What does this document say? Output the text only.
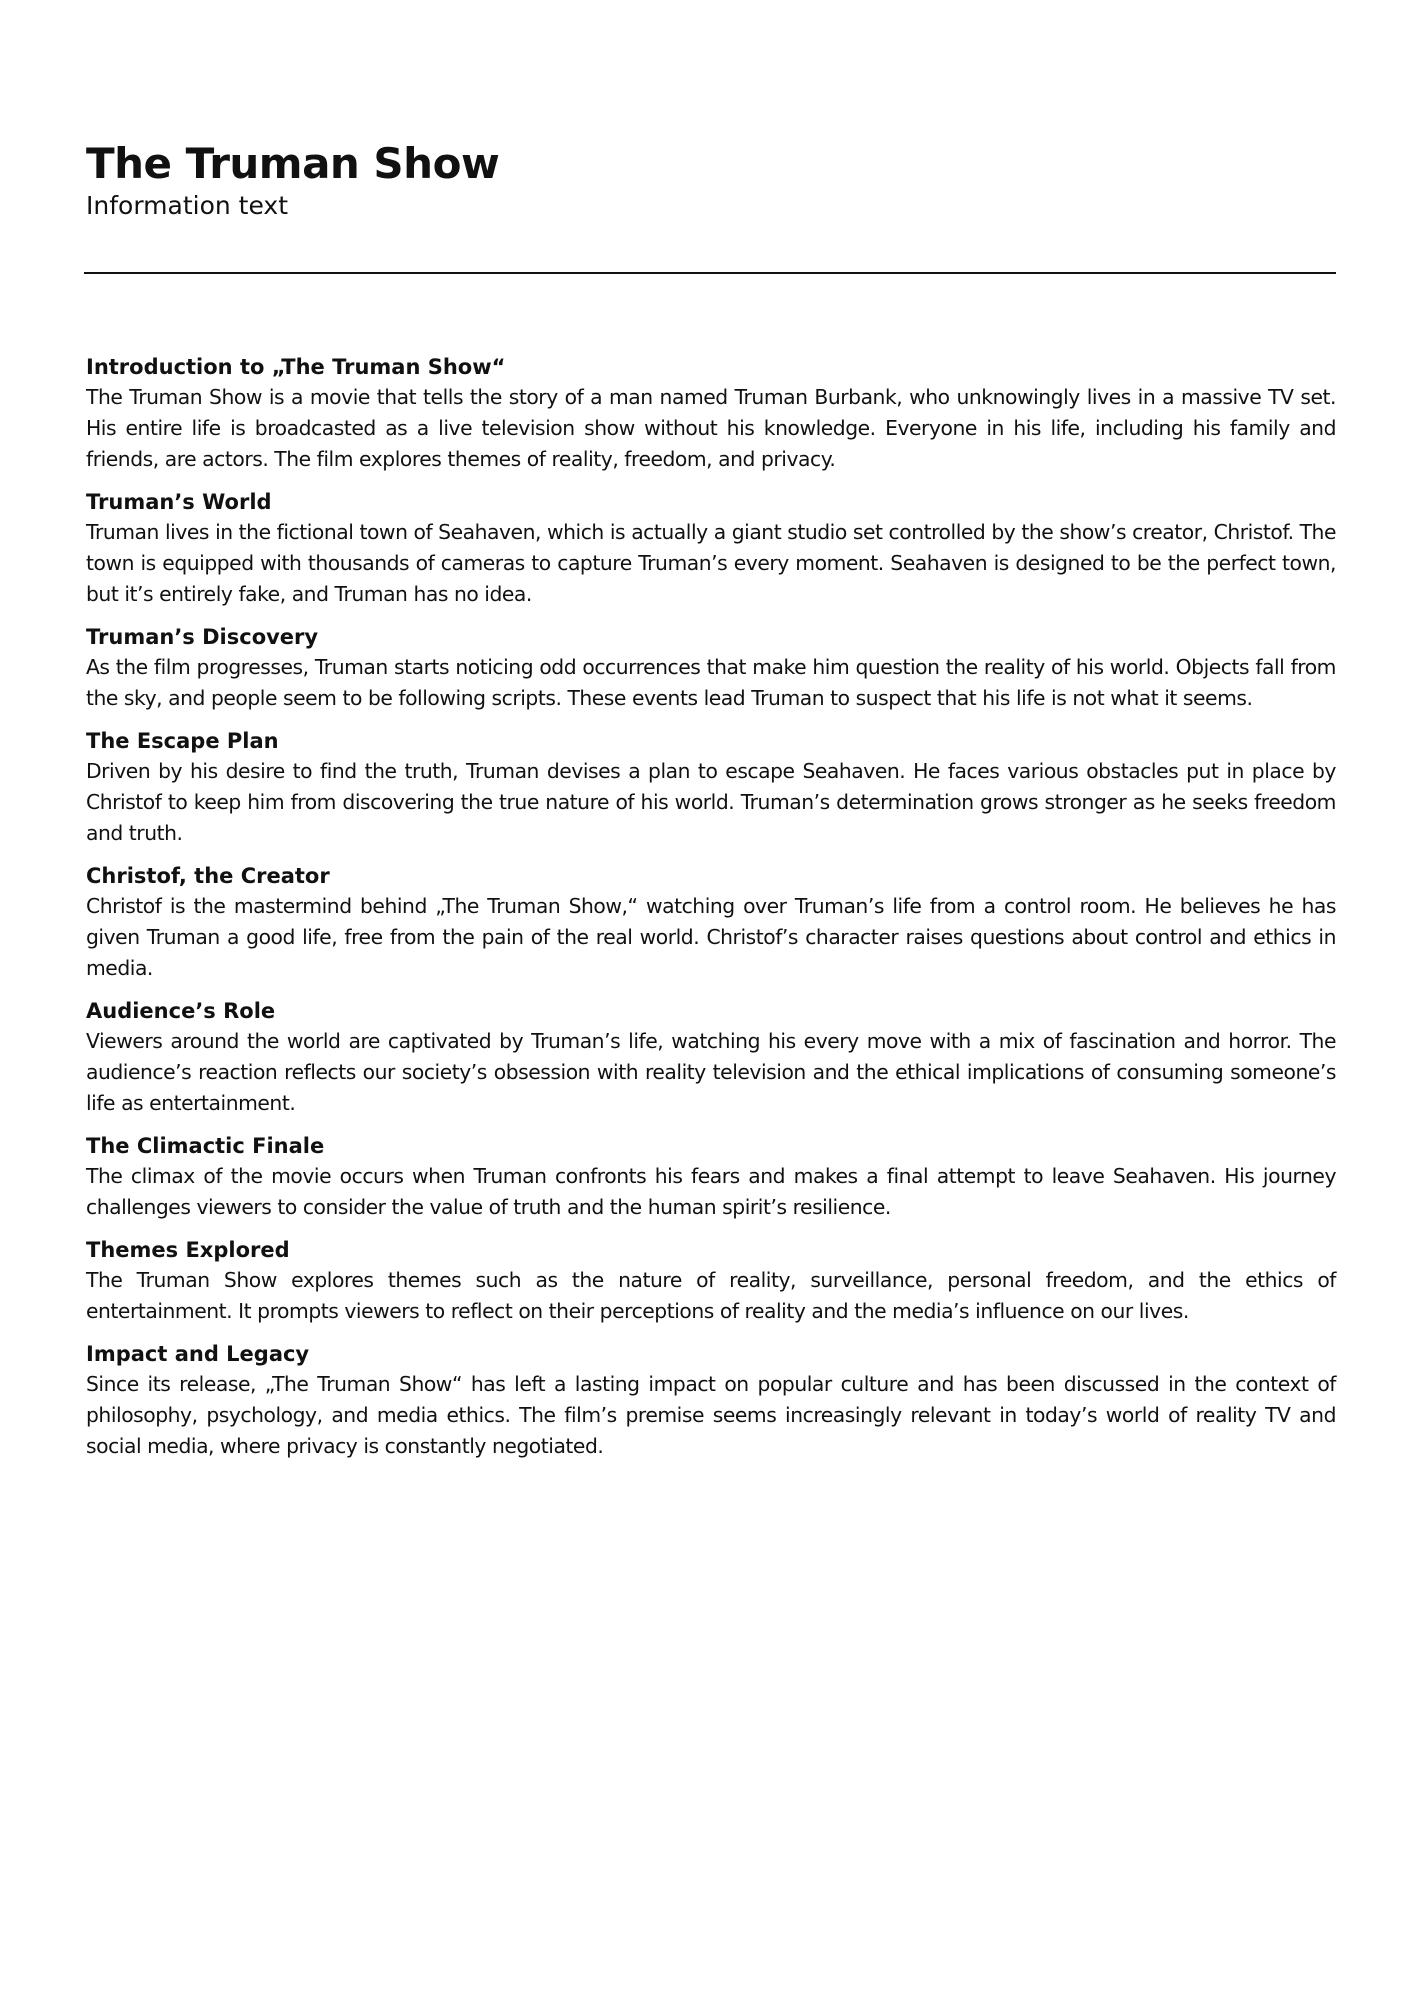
The Truman Show
Information text
Introduction to „The Truman Show“

The Truman Show is a movie that tells the story of a man named Truman Burbank, who unknowingly lives in a massive TV set. His entire life is broadcasted as a live television show without his knowledge. Everyone in his life, including his family and friends, are actors. The film explores themes of reality, freedom, and privacy.

Truman’s World

Truman lives in the fictional town of Seahaven, which is actually a giant studio set controlled by the show’s creator, Christof. The town is equipped with thousands of cameras to capture Truman’s every moment. Seahaven is designed to be the perfect town, but it’s entirely fake, and Truman has no idea.

Truman’s Discovery

As the film progresses, Truman starts noticing odd occurrences that make him question the reality of his world. Objects fall from the sky, and people seem to be following scripts. These events lead Truman to suspect that his life is not what it seems.

The Escape Plan

Driven by his desire to find the truth, Truman devises a plan to escape Seahaven. He faces various obstacles put in place by Christof to keep him from discovering the true nature of his world. Truman’s determination grows stronger as he seeks freedom and truth.

Christof, the Creator

Christof is the mastermind behind „The Truman Show,“ watching over Truman’s life from a control room. He believes he has given Truman a good life, free from the pain of the real world. Christof’s character raises questions about control and ethics in media.

Audience’s Role

Viewers around the world are captivated by Truman’s life, watching his every move with a mix of fascination and horror. The audience’s reaction reflects our society’s obsession with reality television and the ethical implications of consuming someone’s life as entertainment.

The Climactic Finale

The climax of the movie occurs when Truman confronts his fears and makes a final attempt to leave Seahaven. His journey challenges viewers to consider the value of truth and the human spirit’s resilience.

Themes Explored

The Truman Show explores themes such as the nature of reality, surveillance, personal freedom, and the ethics of entertainment. It prompts viewers to reflect on their perceptions of reality and the media’s influence on our lives.

Impact and Legacy

Since its release, „The Truman Show“ has left a lasting impact on popular culture and has been discussed in the context of philosophy, psychology, and media ethics. The film’s premise seems increasingly relevant in today’s world of reality TV and social media, where privacy is constantly negotiated.
